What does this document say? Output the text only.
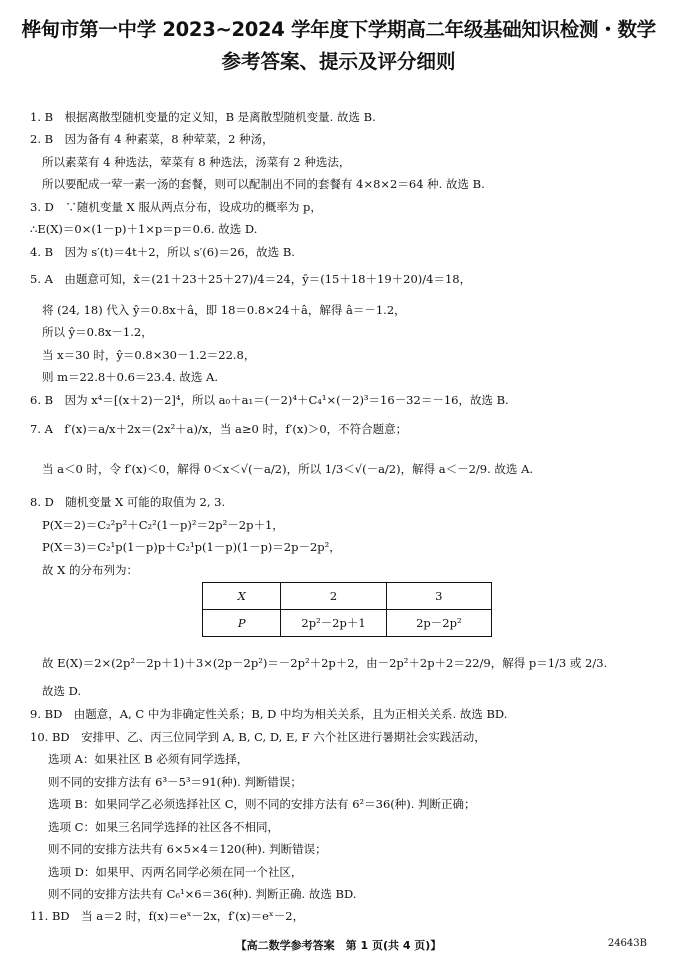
桦甸市第一中学 2023~2024 学年度下学期高二年级基础知识检测・数学
参考答案、提示及评分细则
1. B　根据离散型随机变量的定义知，B 是离散型随机变量. 故选 B.
2. B　因为备有 4 种素菜，8 种荤菜，2 种汤，
所以素菜有 4 种选法，荤菜有 8 种选法，汤菜有 2 种选法，
所以要配成一荤一素一汤的套餐，则可以配制出不同的套餐有 4×8×2＝64 种. 故选 B.
3. D　∵随机变量 X 服从两点分布，设成功的概率为 p，
∴E(X)＝0×(1－p)＋1×p＝p＝0.6. 故选 D.
4. B　因为 s′(t)＝4t＋2，所以 s′(6)＝26，故选 B.
5. A　由题意可知，x̄＝(21＋23＋25＋27)/4＝24，ȳ＝(15＋18＋19＋20)/4＝18，
将 (24, 18) 代入 ŷ＝0.8x＋â，即 18＝0.8×24＋â，解得 â＝－1.2，
所以 ŷ＝0.8x－1.2，
当 x＝30 时，ŷ＝0.8×30－1.2＝22.8，
则 m＝22.8＋0.6＝23.4. 故选 A.
6. B　因为 x⁴＝[(x＋2)－2]⁴，所以 a₀＋a₁＝(－2)⁴＋C₄¹×(－2)³＝16－32＝－16，故选 B.
7. A　f′(x)＝a/x＋2x＝(2x²＋a)/x，当 a≥0 时，f′(x)＞0，不符合题意；
当 a＜0 时，令 f′(x)＜0，解得 0＜x＜√(－a/2)，所以 1/3＜√(－a/2)，解得 a＜－2/9. 故选 A.
8. D　随机变量 X 可能的取值为 2, 3.
P(X＝2)＝C₂²p²＋C₂²(1－p)²＝2p²－2p＋1，
P(X＝3)＝C₂¹p(1－p)p＋C₂¹p(1－p)(1－p)＝2p－2p²，
故 X 的分布列为：
故 E(X)＝2×(2p²－2p＋1)＋3×(2p－2p²)＝－2p²＋2p＋2，由－2p²＋2p＋2＝22/9，解得 p＝1/3 或 2/3.
故选 D.
9. BD　由题意，A, C 中为非确定性关系；B, D 中均为相关关系，且为正相关关系. 故选 BD.
10. BD　安排甲、乙、丙三位同学到 A, B, C, D, E, F 六个社区进行暑期社会实践活动，
选项 A：如果社区 B 必须有同学选择，
则不同的安排方法有 6³－5³＝91(种). 判断错误；
选项 B：如果同学乙必须选择社区 C，则不同的安排方法有 6²＝36(种). 判断正确；
选项 C：如果三名同学选择的社区各不相同，
则不同的安排方法共有 6×5×4＝120(种). 判断错误；
选项 D：如果甲、丙两名同学必须在同一个社区，
则不同的安排方法共有 C₆¹×6＝36(种). 判断正确. 故选 BD.
11. BD　当 a＝2 时，f(x)＝eˣ－2x，f′(x)＝eˣ－2，
X	2	3
P	2p²－2p＋1	2p－2p²
【高二数学参考答案　第 1 页(共 4 页)】	24643B
